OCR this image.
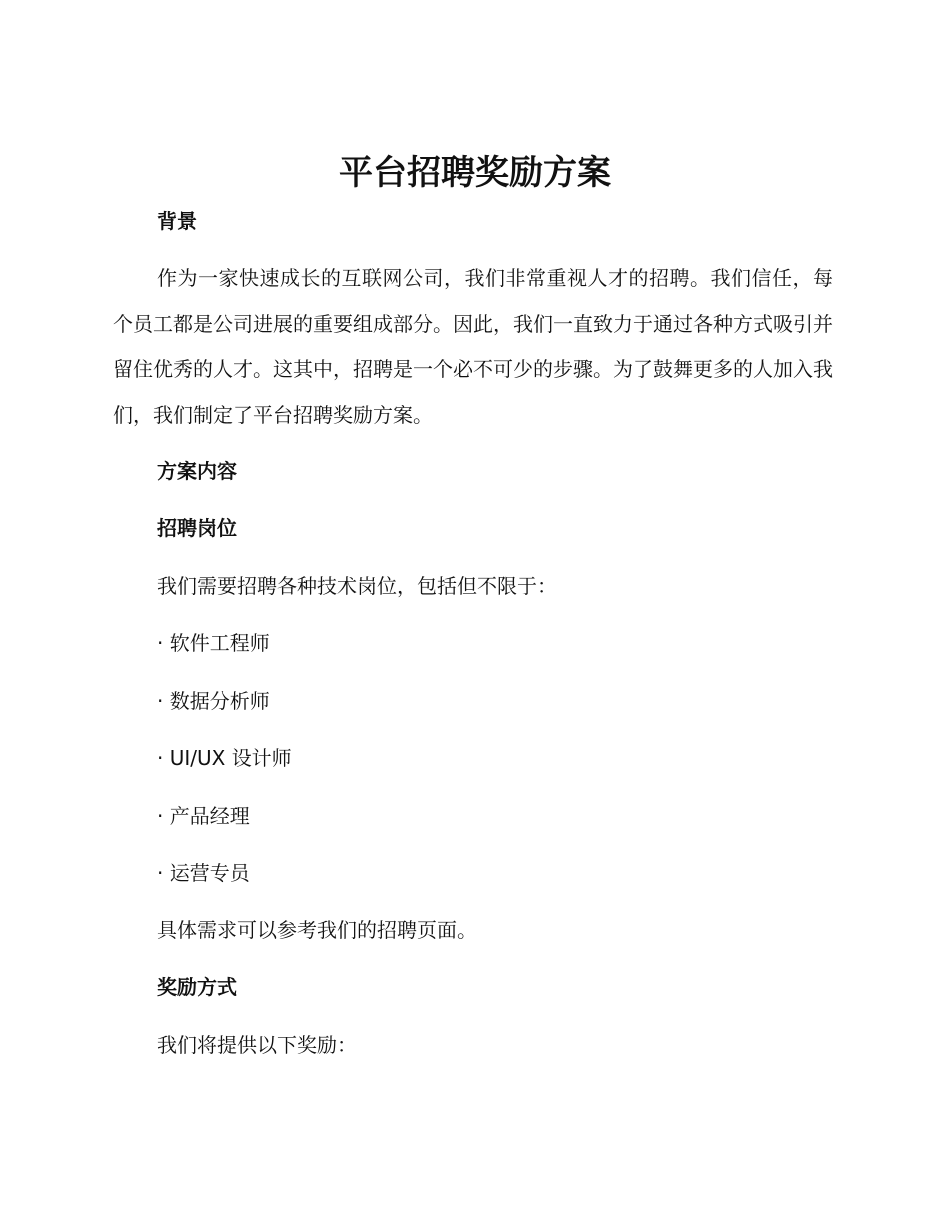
平台招聘奖励方案
背景

作为一家快速成长的互联网公司，我们非常重视人才的招聘。我们信任，每个员工都是公司进展的重要组成部分。因此，我们一直致力于通过各种方式吸引并留住优秀的人才。这其中，招聘是一个必不可少的步骤。为了鼓舞更多的人加入我们，我们制定了平台招聘奖励方案。

方案内容
招聘岗位

我们需要招聘各种技术岗位，包括但不限于：

· 软件工程师

· 数据分析师

· UI/UX 设计师

· 产品经理

· 运营专员

具体需求可以参考我们的招聘页面。

奖励方式

我们将提供以下奖励：
